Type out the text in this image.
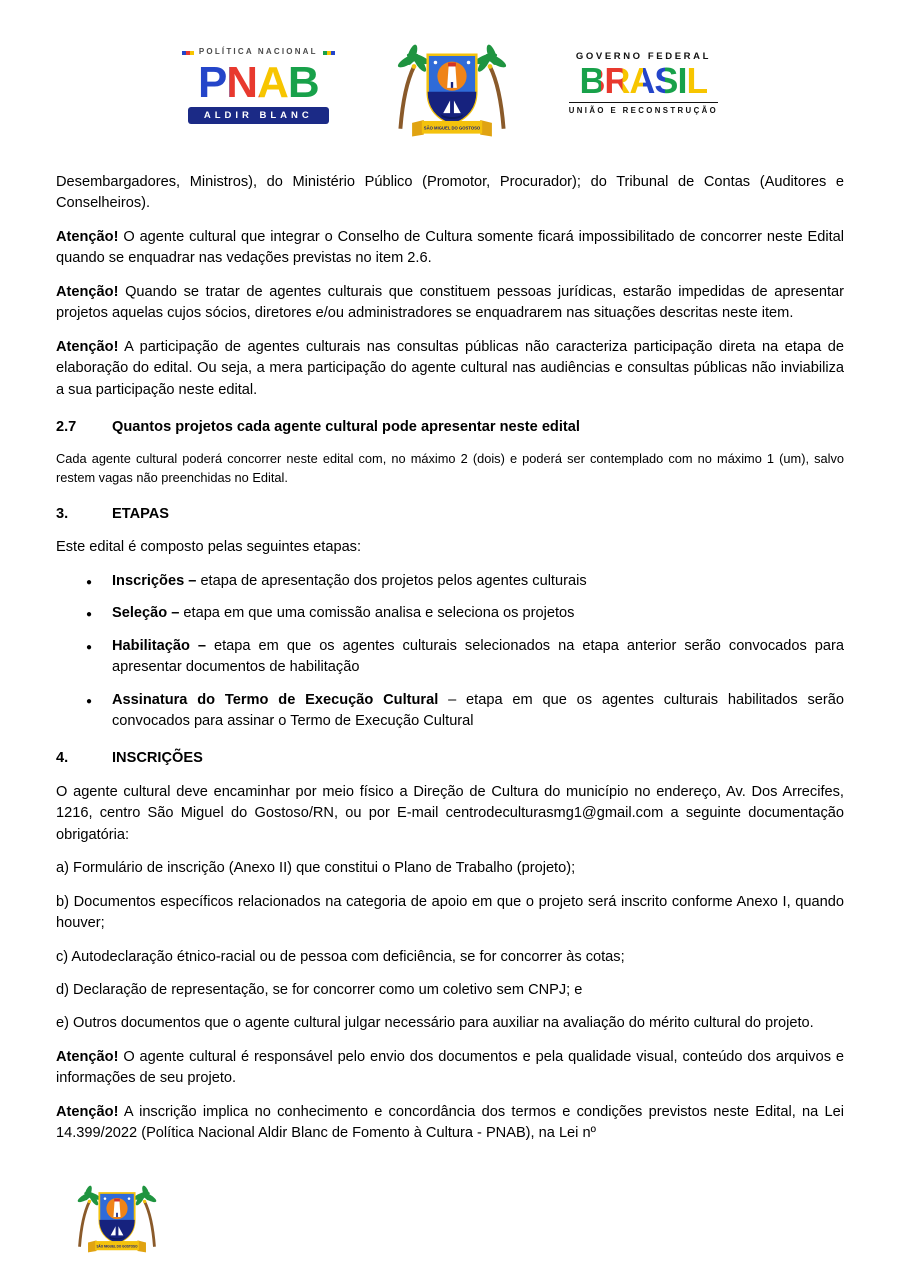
POLÍTICA NACIONAL
PNAB
ALDIR BLANC
SÃO MIGUEL DO GOSTOSO
GOVERNO FEDERAL
BRASIL
UNIÃO E RECONSTRUÇÃO

Desembargadores, Ministros), do Ministério Público (Promotor, Procurador); do Tribunal de Contas (Auditores e Conselheiros).

Atenção! O agente cultural que integrar o Conselho de Cultura somente ficará impossibilitado de concorrer neste Edital quando se enquadrar nas vedações previstas no item 2.6.

Atenção! Quando se tratar de agentes culturais que constituem pessoas jurídicas, estarão impedidas de apresentar projetos aquelas cujos sócios, diretores e/ou administradores se enquadrarem nas situações descritas neste item.

Atenção! A participação de agentes culturais nas consultas públicas não caracteriza participação direta na etapa de elaboração do edital. Ou seja, a mera participação do agente cultural nas audiências e consultas públicas não inviabiliza a sua participação neste edital.

2.7 Quantos projetos cada agente cultural pode apresentar neste edital

Cada agente cultural poderá concorrer neste edital com, no máximo 2 (dois) e poderá ser contemplado com no máximo 1 (um), salvo restem vagas não preenchidas no Edital.

3.	ETAPAS

Este edital é composto pelas seguintes etapas:

● Inscrições – etapa de apresentação dos projetos pelos agentes culturais
● Seleção – etapa em que uma comissão analisa e seleciona os projetos
● Habilitação – etapa em que os agentes culturais selecionados na etapa anterior serão convocados para apresentar documentos de habilitação
● Assinatura do Termo de Execução Cultural – etapa em que os agentes culturais habilitados serão convocados para assinar o Termo de Execução Cultural
4.	INSCRIÇÕES

O agente cultural deve encaminhar por meio físico a Direção de Cultura do município no endereço, Av. Dos Arrecifes, 1216, centro São Miguel do Gostoso/RN, ou por E-mail centrodeculturasmg1@gmail.com a seguinte documentação obrigatória:

a) Formulário de inscrição (Anexo II) que constitui o Plano de Trabalho (projeto);

b) Documentos específicos relacionados na categoria de apoio em que o projeto será inscrito conforme Anexo I, quando houver;

c) Autodeclaração étnico-racial ou de pessoa com deficiência, se for concorrer às cotas;

d) Declaração de representação, se for concorrer como um coletivo sem CNPJ; e

e) Outros documentos que o agente cultural julgar necessário para auxiliar na avaliação do mérito cultural do projeto.

Atenção! O agente cultural é responsável pelo envio dos documentos e pela qualidade visual, conteúdo dos arquivos e informações de seu projeto.

Atenção! A inscrição implica no conhecimento e concordância dos termos e condições previstos neste Edital, na Lei 14.399/2022 (Política Nacional Aldir Blanc de Fomento à Cultura - PNAB), na Lei nº

SÃO MIGUEL DO GOSTOSO
